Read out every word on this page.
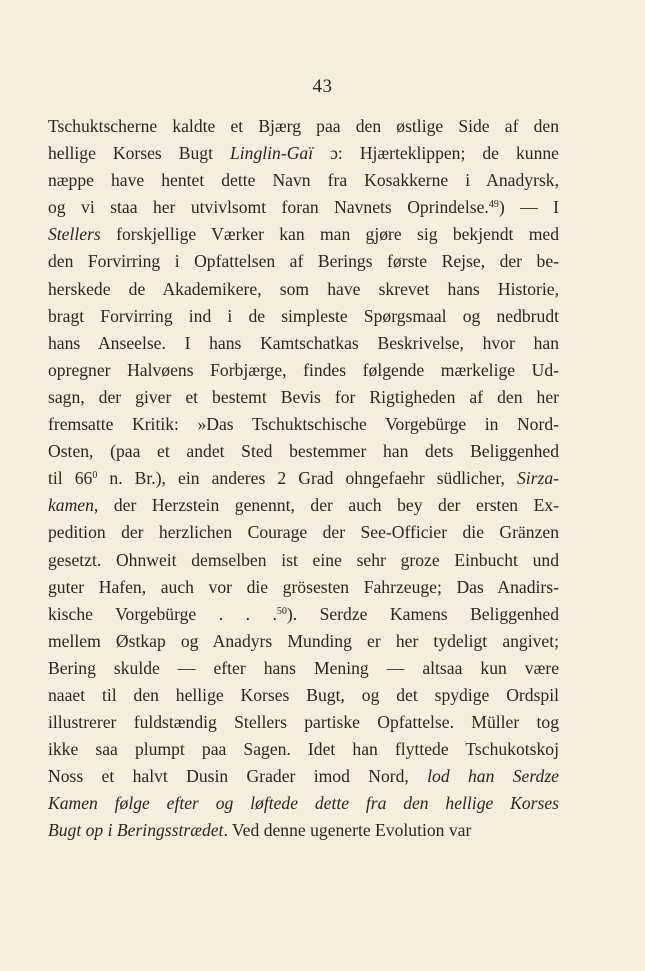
43
Tschuktscherne kaldte et Bjærg paa den østlige Side af den
hellige Korses Bugt Linglin-Gaï ɔ: Hjærteklippen; de kunne
næppe have hentet dette Navn fra Kosakkerne i Anadyrsk,
og vi staa her utvivlsomt foran Navnets Oprindelse.$^{49}$) — I
Stellers forskjellige Værker kan man gjøre sig bekjendt med
den Forvirring i Opfattelsen af Berings første Rejse, der be-
herskede de Akademikere, som have skrevet hans Historie,
bragt Forvirring ind i de simpleste Spørgsmaal og nedbrudt
hans Anseelse. I hans Kamtschatkas Beskrivelse, hvor han
opregner Halvøens Forbjærge, findes følgende mærkelige Ud-
sagn, der giver et bestemt Bevis for Rigtigheden af den her
fremsatte Kritik: »Das Tschuktschische Vorgebürge in Nord-
Osten, (paa et andet Sted bestemmer han dets Beliggenhed
til $66^0$ n. Br.), ein anderes 2 Grad ohngefaehr südlicher, Sirza-
kamen, der Herzstein genennt, der auch bey der ersten Ex-
pedition der herzlichen Courage der See-Officier die Gränzen
gesetzt. Ohnweit demselben ist eine sehr groze Einbucht und
guter Hafen, auch vor die grösesten Fahrzeuge; Das Anadirs-
kische Vorgebürge . . .$^{50}$). Serdze Kamens Beliggenhed
mellem Østkap og Anadyrs Munding er her tydeligt angivet;
Bering skulde — efter hans Mening — altsaa kun være
naaet til den hellige Korses Bugt, og det spydige Ordspil
illustrerer fuldstændig Stellers partiske Opfattelse. Müller tog
ikke saa plumpt paa Sagen. Idet han flyttede Tschukotskoj
Noss et halvt Dusin Grader imod Nord, lod han Serdze
Kamen følge efter og løftede dette fra den hellige Korses
Bugt op i Beringsstrædet. Ved denne ugenerte Evolution var
